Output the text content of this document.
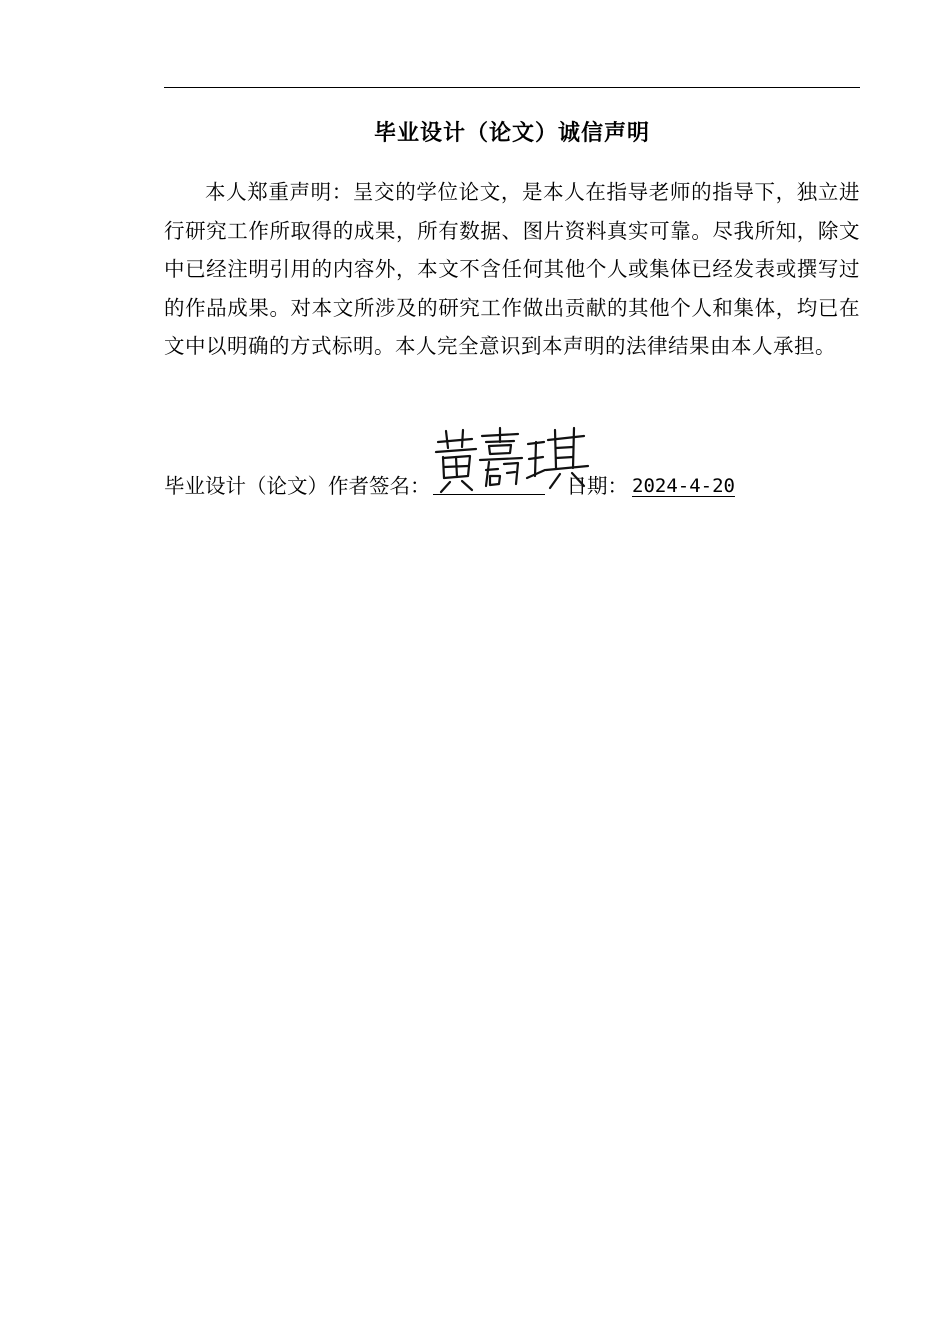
毕业设计（论文）诚信声明

本人郑重声明：呈交的学位论文，是本人在指导老师的指导下，独立进行研究工作所取得的成果，所有数据、图片资料真实可靠。尽我所知，除文中已经注明引用的内容外，本文不含任何其他个人或集体已经发表或撰写过的作品成果。对本文所涉及的研究工作做出贡献的其他个人和集体，均已在文中以明确的方式标明。本人完全意识到本声明的法律结果由本人承担。

毕业设计（论文）作者签名：	日期： 2024-4-20
